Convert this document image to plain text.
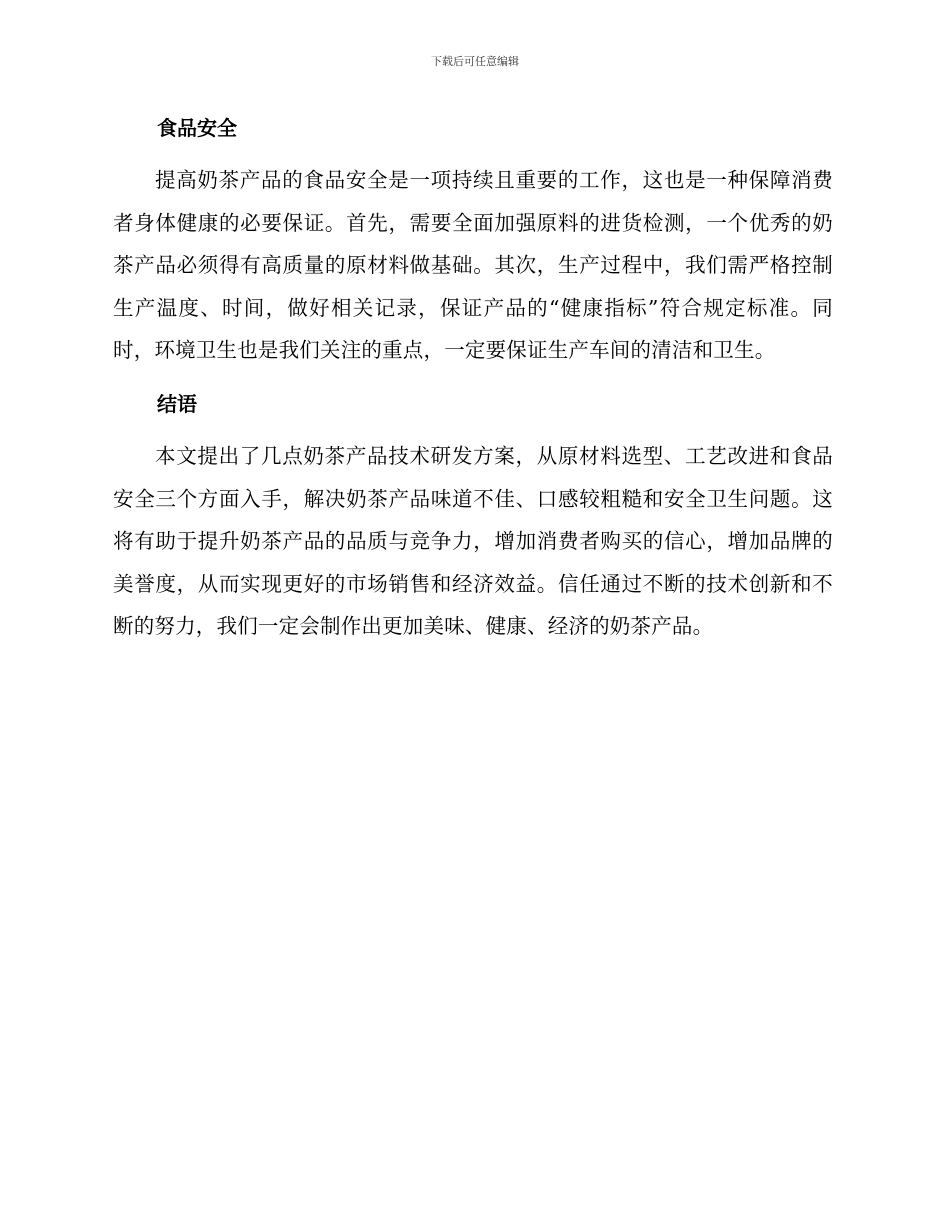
下载后可任意编辑
食品安全

提高奶茶产品的食品安全是一项持续且重要的工作，这也是一种保障消费者身体健康的必要保证。首先，需要全面加强原料的进货检测，一个优秀的奶茶产品必须得有高质量的原材料做基础。其次，生产过程中，我们需严格控制生产温度、时间，做好相关记录，保证产品的“健康指标”符合规定标准。同时，环境卫生也是我们关注的重点，一定要保证生产车间的清洁和卫生。

结语

本文提出了几点奶茶产品技术研发方案，从原材料选型、工艺改进和食品安全三个方面入手，解决奶茶产品味道不佳、口感较粗糙和安全卫生问题。这将有助于提升奶茶产品的品质与竞争力，增加消费者购买的信心，增加品牌的美誉度，从而实现更好的市场销售和经济效益。信任通过不断的技术创新和不断的努力，我们一定会制作出更加美味、健康、经济的奶茶产品。
